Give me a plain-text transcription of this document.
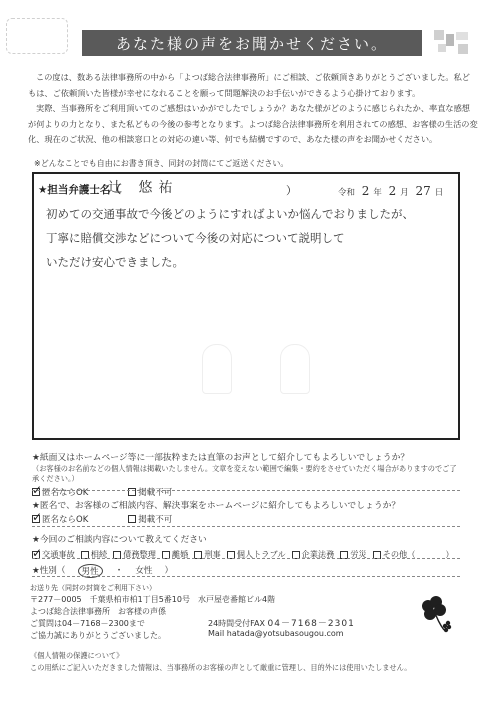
あなた様の声をお聞かせください。

この度は、数ある法律事務所の中から「よつば総合法律事務所」にご相談、ご依頼頂きありがとうございました。私どもは、ご依頼頂いた皆様が幸せになれることを願って問題解決のお手伝いができるよう心掛けております。

実際、当事務所をご利用頂いてのご感想はいかがでしたでしょうか？あなた様がどのように感じられたか、率直な感想が何よりの力となり、また私どもの今後の参考となります。よつば総合法律事務所を利用されての感想、お客様の生活の変化、現在のご状況、他の相談窓口との対応の違い等、何でも結構ですので、あなた様の声をお聞かせください。

※どんなことでも自由にお書き頂き、同封の封筒にてご返送ください。
★担当弁護士名（
辻 悠祐	）	令和 2 年 2 月 27 日
初めての交通事故で今後どのようにすればよいか悩んでおりましたが、
丁寧に賠償交渉などについて今後の対応について説明して
いただけ安心できました。
★紙面又はホームページ等に一部抜粋または直筆のお声として紹介してもよろしいでしょうか？
（お客様のお名前などの個人情報は掲載いたしません。文章を変えない範囲で編集・要約をさせていただく場合がありますのでご了承ください。）
✓
匿名ならOK	掲載不可
★匿名で、お客様のご相談内容、解決事案をホームページに紹介してもよろしいでしょうか？
✓
匿名ならOK	掲載不可
★今回のご相談内容について教えてください
✓
交通事故 相続 債務整理 離婚 刑事 個人トラブル 企業法務 労災 その他（	）
★性別（	男性	・ 女性 ）
お送り先（同封の封筒をご利用下さい）
〒277－0005　千葉県柏市柏1丁目5番10号　水戸屋壱番館ビル4階
よつば総合法律事務所　お客様の声係
ご質問は04－7168－2300まで
ご協力誠にありがとうございました。
24時間受付FAX 04－7168－2301
Mail hatada@yotsubasougou.com
《個人情報の保護について》
この用紙にご記入いただきました情報は、当事務所のお客様の声として厳重に管理し、目的外には使用いたしません。
